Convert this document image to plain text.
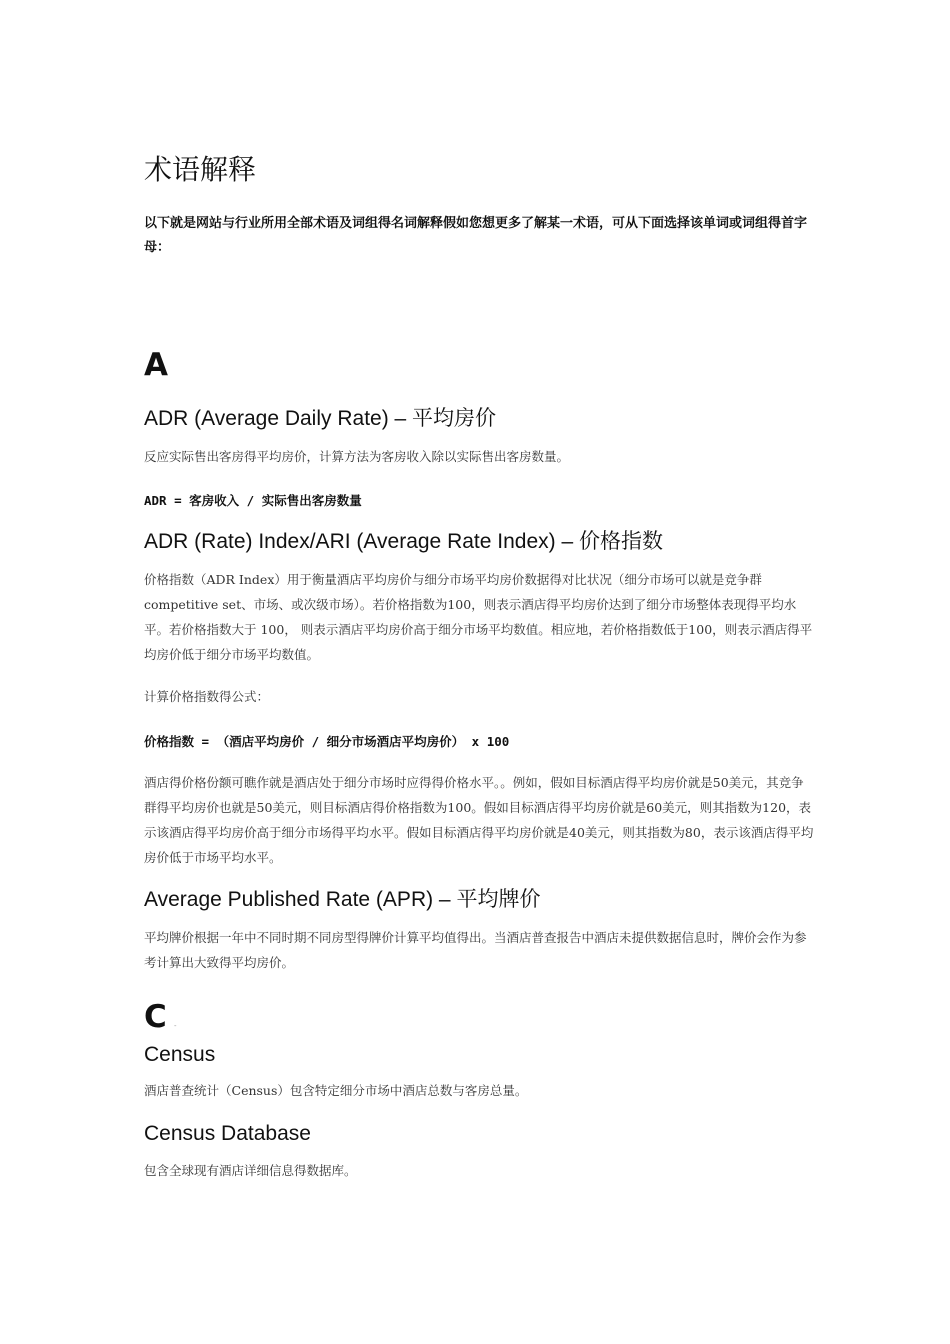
术语解释

以下就是网站与行业所用全部术语及词组得名词解释假如您想更多了解某一术语，可从下面选择该单词或词组得首字母：

A
ADR (Average Daily Rate) – 平均房价

反应实际售出客房得平均房价，计算方法为客房收入除以实际售出客房数量。

ADR = 客房收入 / 实际售出客房数量

ADR (Rate) Index/ARI (Average Rate Index) – 价格指数

价格指数（ADR Index）用于衡量酒店平均房价与细分市场平均房价数据得对比状况（细分市场可以就是竞争群competitive set、市场、或次级市场）。若价格指数为100，则表示酒店得平均房价达到了细分市场整体表现得平均水平。若价格指数大于 100， 则表示酒店平均房价高于细分市场平均数值。相应地，若价格指数低于100，则表示酒店得平均房价低于细分市场平均数值。

计算价格指数得公式：

价格指数 = （酒店平均房价 / 细分市场酒店平均房价） x 100

酒店得价格份额可瞧作就是酒店处于细分市场时应得得价格水平。。例如，假如目标酒店得平均房价就是50美元，其竞争群得平均房价也就是50美元，则目标酒店得价格指数为100。假如目标酒店得平均房价就是60美元，则其指数为120，表示该酒店得平均房价高于细分市场得平均水平。假如目标酒店得平均房价就是40美元，则其指数为80，表示该酒店得平均房价低于市场平均水平。

Average Published Rate (APR) – 平均牌价

平均牌价根据一年中不同时期不同房型得牌价计算平均值得出。当酒店普查报告中酒店未提供数据信息时，牌价会作为参考计算出大致得平均房价。

C ‐
Census

酒店普查统计（Census）包含特定细分市场中酒店总数与客房总量。

Census Database

包含全球现有酒店详细信息得数据库。
